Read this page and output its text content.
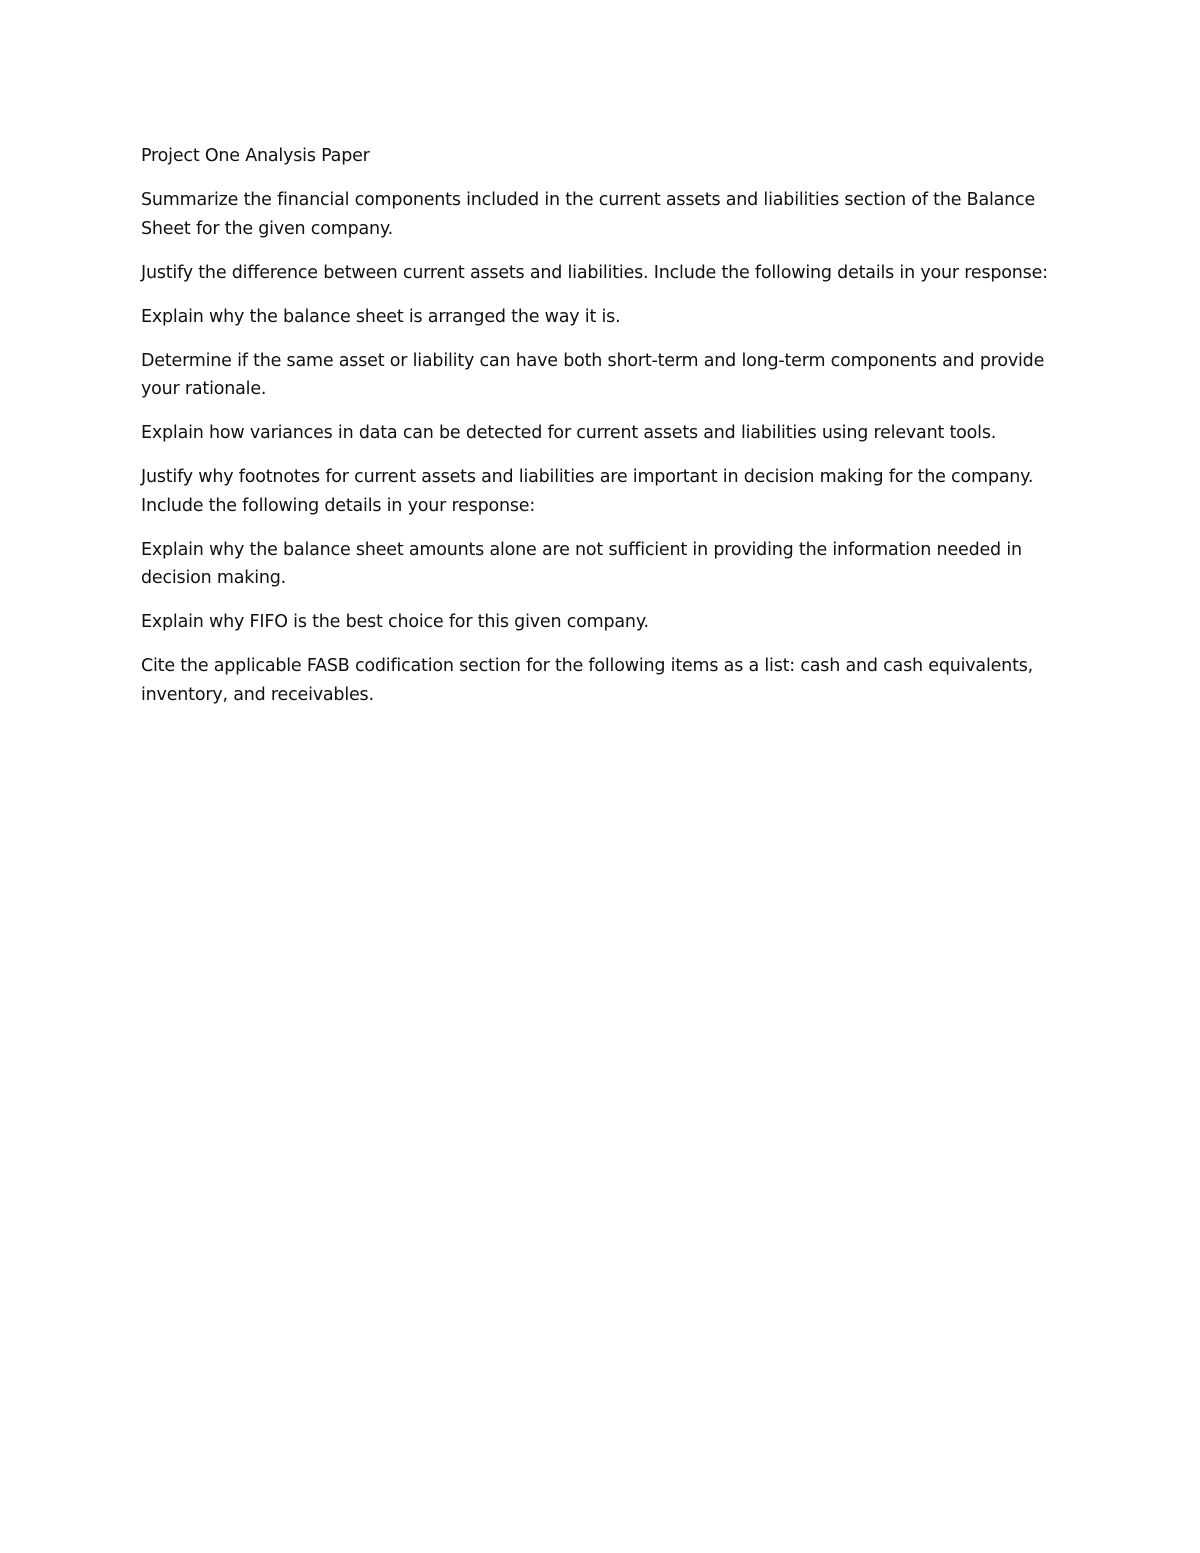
Project One Analysis Paper

Summarize the financial components included in the current assets and liabilities section of the Balance Sheet for the given company.

Justify the difference between current assets and liabilities. Include the following details in your response:

Explain why the balance sheet is arranged the way it is.

Determine if the same asset or liability can have both short-term and long-term components and provide your rationale.

Explain how variances in data can be detected for current assets and liabilities using relevant tools.

Justify why footnotes for current assets and liabilities are important in decision making for the company. Include the following details in your response:

Explain why the balance sheet amounts alone are not sufficient in providing the information needed in decision making.

Explain why FIFO is the best choice for this given company.

Cite the applicable FASB codification section for the following items as a list: cash and cash equivalents, inventory, and receivables.
